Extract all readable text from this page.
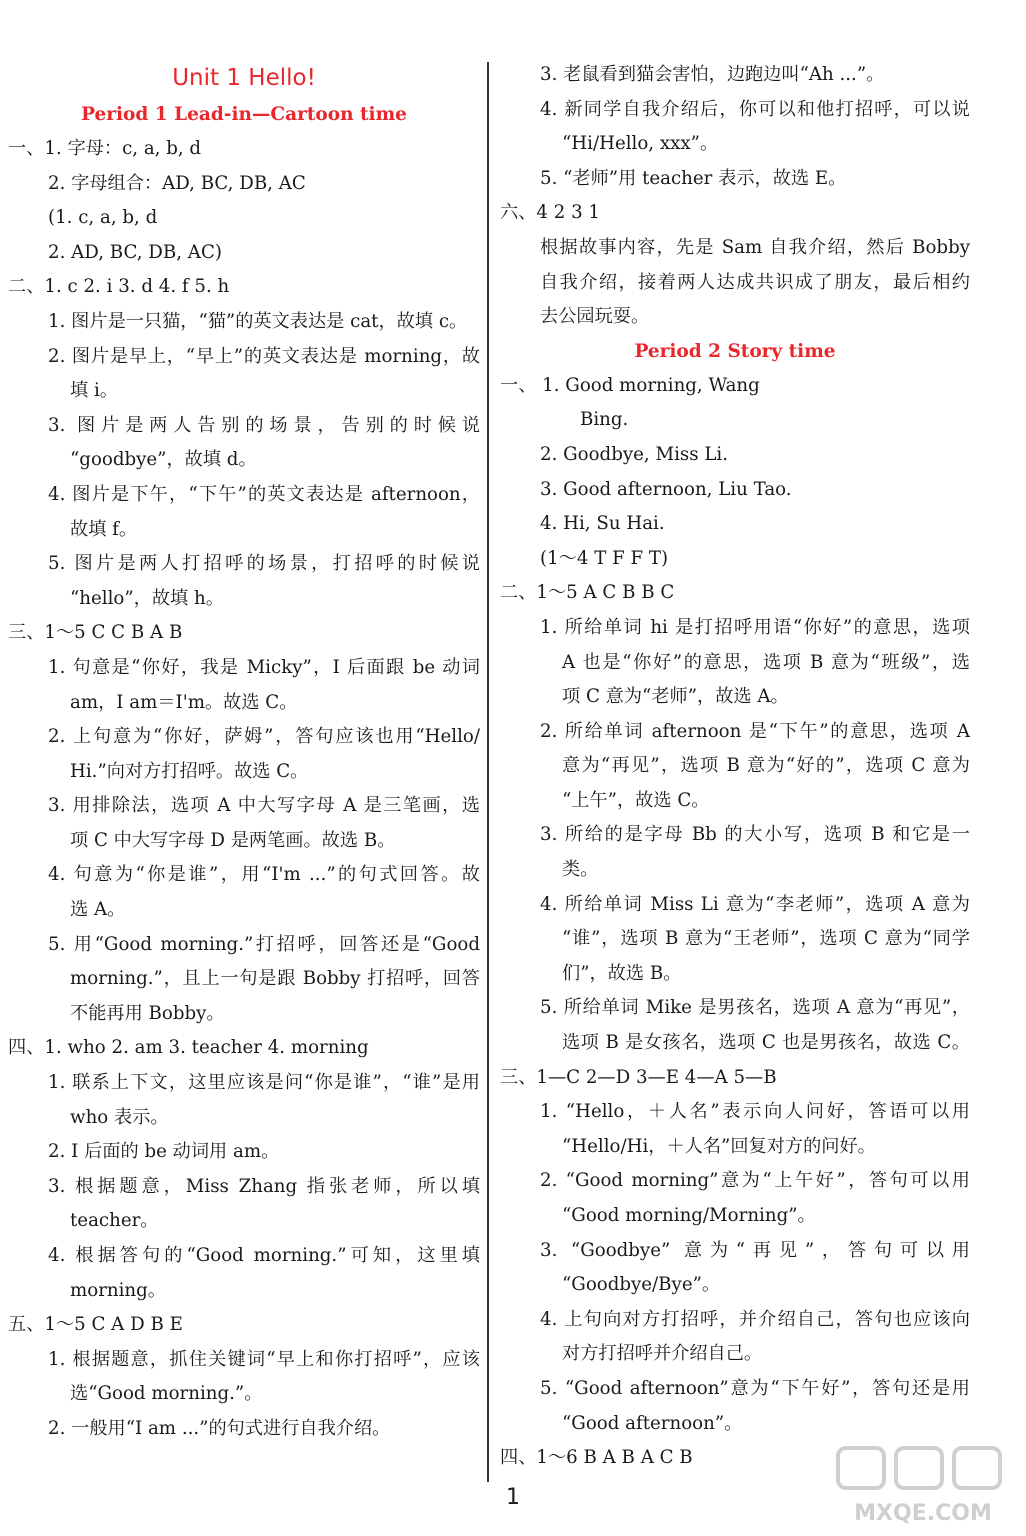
Unit 1 Hello!
Period 1 Lead-in—Cartoon time
一、1. 字母：c, a, b, d
2. 字母组合：AD, BC, DB, AC
(1. c, a, b, d
2. AD, BC, DB, AC)
二、1. c 2. i 3. d 4. f 5. h
1. 图片是一只猫，“猫”的英文表达是 cat，故填 c。
2. 图片是早上，“早上”的英文表达是 morning，故
填 i。
3. 图片是两人告别的场景，告别的时候说
“goodbye”，故填 d。
4. 图片是下午，“下午”的英文表达是 afternoon，
故填 f。
5. 图片是两人打招呼的场景，打招呼的时候说
“hello”，故填 h。
三、1～5 C C B A B
1. 句意是“你好，我是 Micky”，I 后面跟 be 动词
am，I am＝I'm。故选 C。
2. 上句意为“你好，萨姆”，答句应该也用“Hello/
Hi.”向对方打招呼。故选 C。
3. 用排除法，选项 A 中大写字母 A 是三笔画，选
项 C 中大写字母 D 是两笔画。故选 B。
4. 句意为“你是谁”，用“I'm ...”的句式回答。故
选 A。
5. 用“Good morning.”打招呼，回答还是“Good
morning.”，且上一句是跟 Bobby 打招呼，回答
不能再用 Bobby。
四、1. who 2. am 3. teacher 4. morning
1. 联系上下文，这里应该是问“你是谁”，“谁”是用
who 表示。
2. I 后面的 be 动词用 am。
3. 根据题意，Miss Zhang 指张老师，所以填
teacher。
4. 根据答句的“Good morning.”可知，这里填
morning。
五、1～5 C A D B E
1. 根据题意，抓住关键词“早上和你打招呼”，应该
选“Good morning.”。
2. 一般用“I am ...”的句式进行自我介绍。
3. 老鼠看到猫会害怕，边跑边叫“Ah ...”。
4. 新同学自我介绍后，你可以和他打招呼，可以说
“Hi/Hello, xxx”。
5. “老师”用 teacher 表示，故选 E。
六、4 2 3 1
根据故事内容，先是 Sam 自我介绍，然后 Bobby
自我介绍，接着两人达成共识成了朋友，最后相约
去公园玩耍。
Period 2 Story time
一、 1. Good morning, Wang
Bing.
2. Goodbye, Miss Li.
3. Good afternoon, Liu Tao.
4. Hi, Su Hai.
(1～4 T F F T)
二、1～5 A C B B C
1. 所给单词 hi 是打招呼用语“你好”的意思，选项
A 也是“你好”的意思，选项 B 意为“班级”，选
项 C 意为“老师”，故选 A。
2. 所给单词 afternoon 是“下午”的意思，选项 A
意为“再见”，选项 B 意为“好的”，选项 C 意为
“上午”，故选 C。
3. 所给的是字母 Bb 的大小写，选项 B 和它是一
类。
4. 所给单词 Miss Li 意为“李老师”，选项 A 意为
“谁”，选项 B 意为“王老师”，选项 C 意为“同学
们”，故选 B。
5. 所给单词 Mike 是男孩名，选项 A 意为“再见”，
选项 B 是女孩名，选项 C 也是男孩名，故选 C。
三、1—C 2—D 3—E 4—A 5—B
1. “Hello，＋人名”表示向人问好，答语可以用
“Hello/Hi，＋人名”回复对方的问好。
2. “Good morning”意为“上午好”，答句可以用
“Good morning/Morning”。
3. “Goodbye” 意为“再见”，答句可以用
“Goodbye/Bye”。
4. 上句向对方打招呼，并介绍自己，答句也应该向
对方打招呼并介绍自己。
5. “Good afternoon”意为“下午好”，答句还是用
“Good afternoon”。
四、1～6 B A B A C B
1
MXQE.COM
